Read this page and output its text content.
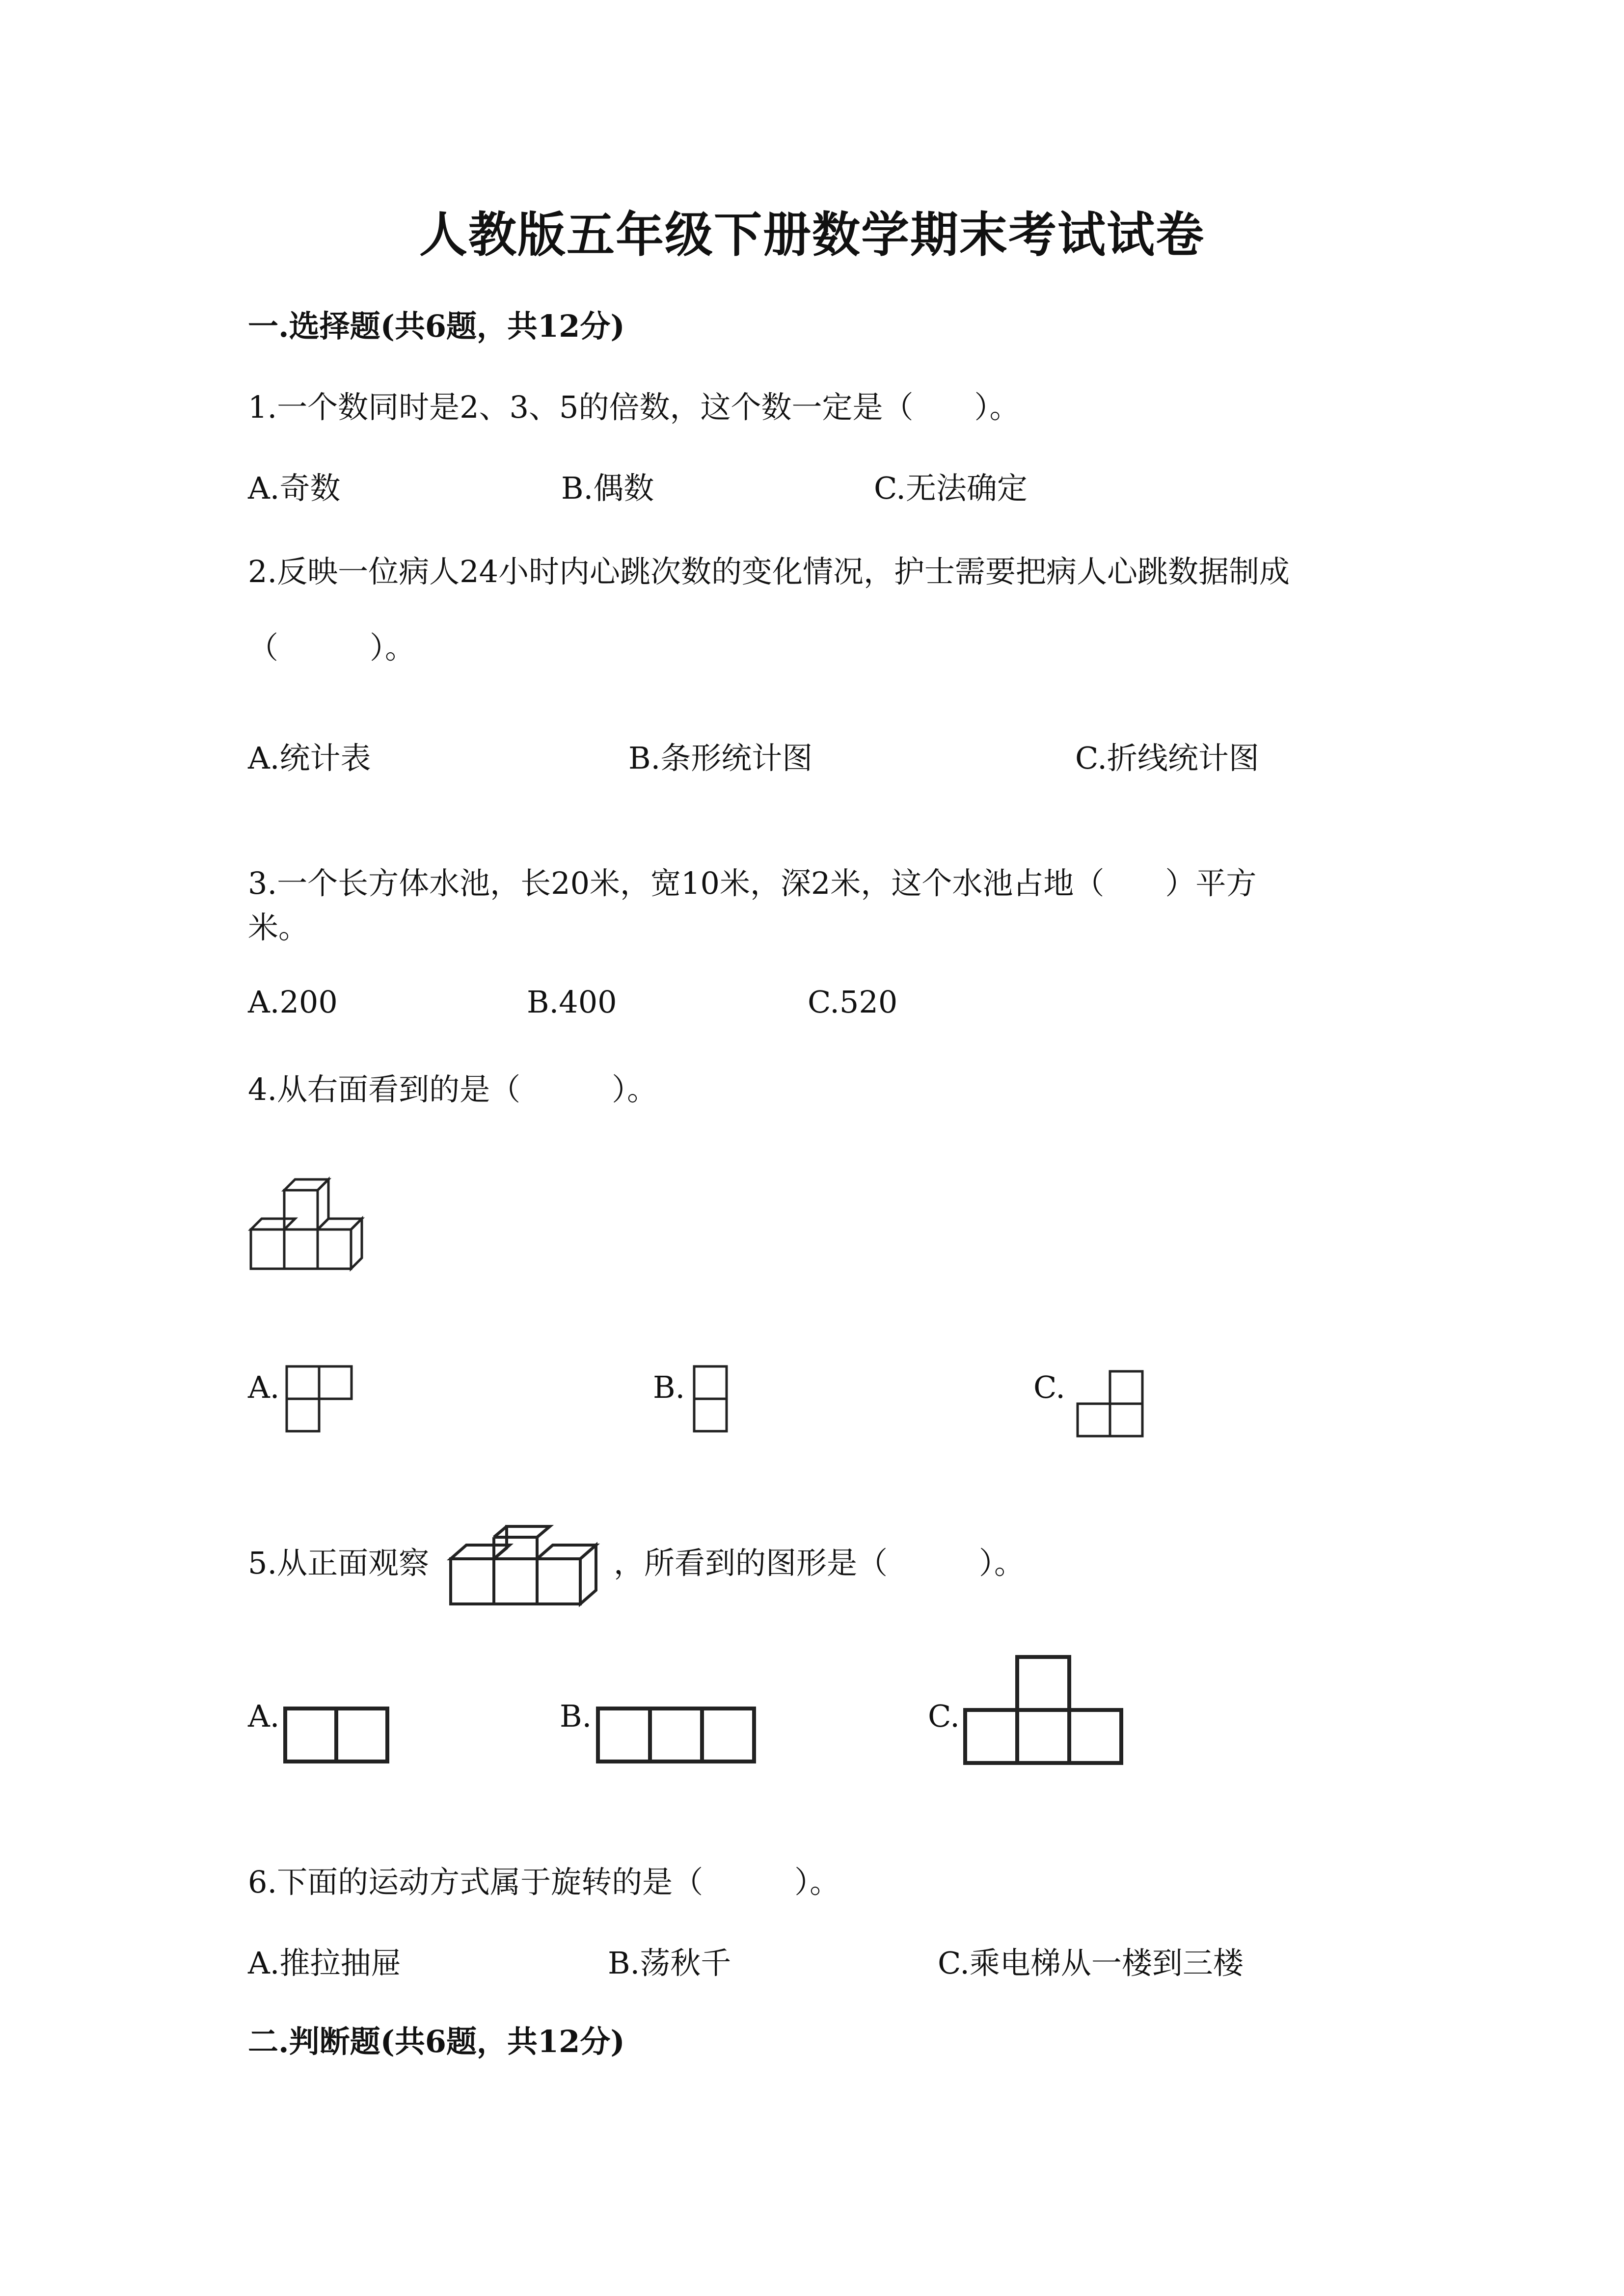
人教版五年级下册数学期末考试试卷
一.选择题(共6题，共12分)
1.一个数同时是2、3、5的倍数，这个数一定是（　　）。
A.奇数	B.偶数	C.无法确定
2.反映一位病人24小时内心跳次数的变化情况，护士需要把病人心跳数据制成
（　　　）。
A.统计表	B.条形统计图	C.折线统计图
3.一个长方体水池，长20米，宽10米，深2米，这个水池占地（　　）平方
米。
A.200	B.400	C.520
4.从右面看到的是（　　　）。
A.	B.	C.
5.从正面观察	，所看到的图形是（　　　）。
A.	B.	C.
6.下面的运动方式属于旋转的是（　　　）。
A.推拉抽屉	B.荡秋千	C.乘电梯从一楼到三楼
二.判断题(共6题，共12分)
